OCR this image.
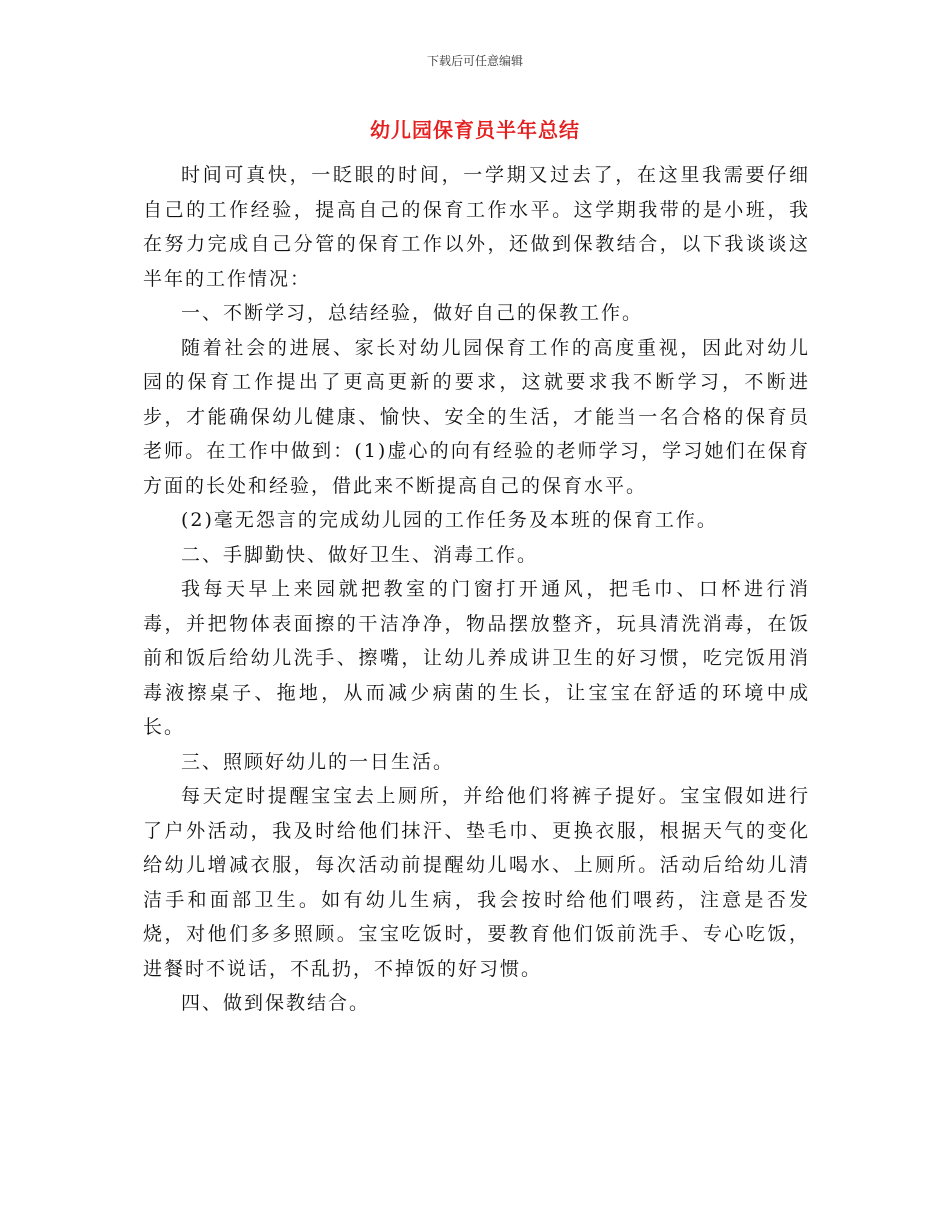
下载后可任意编辑
幼儿园保育员半年总结

时间可真快，一眨眼的时间，一学期又过去了，在这里我需要仔细自己的工作经验，提高自己的保育工作水平。这学期我带的是小班，我在努力完成自己分管的保育工作以外，还做到保教结合，以下我谈谈这半年的工作情况：

一、不断学习，总结经验，做好自己的保教工作。

随着社会的进展、家长对幼儿园保育工作的高度重视，因此对幼儿园的保育工作提出了更高更新的要求，这就要求我不断学习，不断进步，才能确保幼儿健康、愉快、安全的生活，才能当一名合格的保育员老师。在工作中做到：(1)虚心的向有经验的老师学习，学习她们在保育方面的长处和经验，借此来不断提高自己的保育水平。

(2)毫无怨言的完成幼儿园的工作任务及本班的保育工作。

二、手脚勤快、做好卫生、消毒工作。

我每天早上来园就把教室的门窗打开通风，把毛巾、口杯进行消毒，并把物体表面擦的干洁净净，物品摆放整齐，玩具清洗消毒，在饭前和饭后给幼儿洗手、擦嘴，让幼儿养成讲卫生的好习惯，吃完饭用消毒液擦桌子、拖地，从而减少病菌的生长，让宝宝在舒适的环境中成长。

三、照顾好幼儿的一日生活。

每天定时提醒宝宝去上厕所，并给他们将裤子提好。宝宝假如进行了户外活动，我及时给他们抹汗、垫毛巾、更换衣服，根据天气的变化给幼儿增减衣服，每次活动前提醒幼儿喝水、上厕所。活动后给幼儿清洁手和面部卫生。如有幼儿生病，我会按时给他们喂药，注意是否发烧，对他们多多照顾。宝宝吃饭时，要教育他们饭前洗手、专心吃饭，进餐时不说话，不乱扔，不掉饭的好习惯。

四、做到保教结合。
